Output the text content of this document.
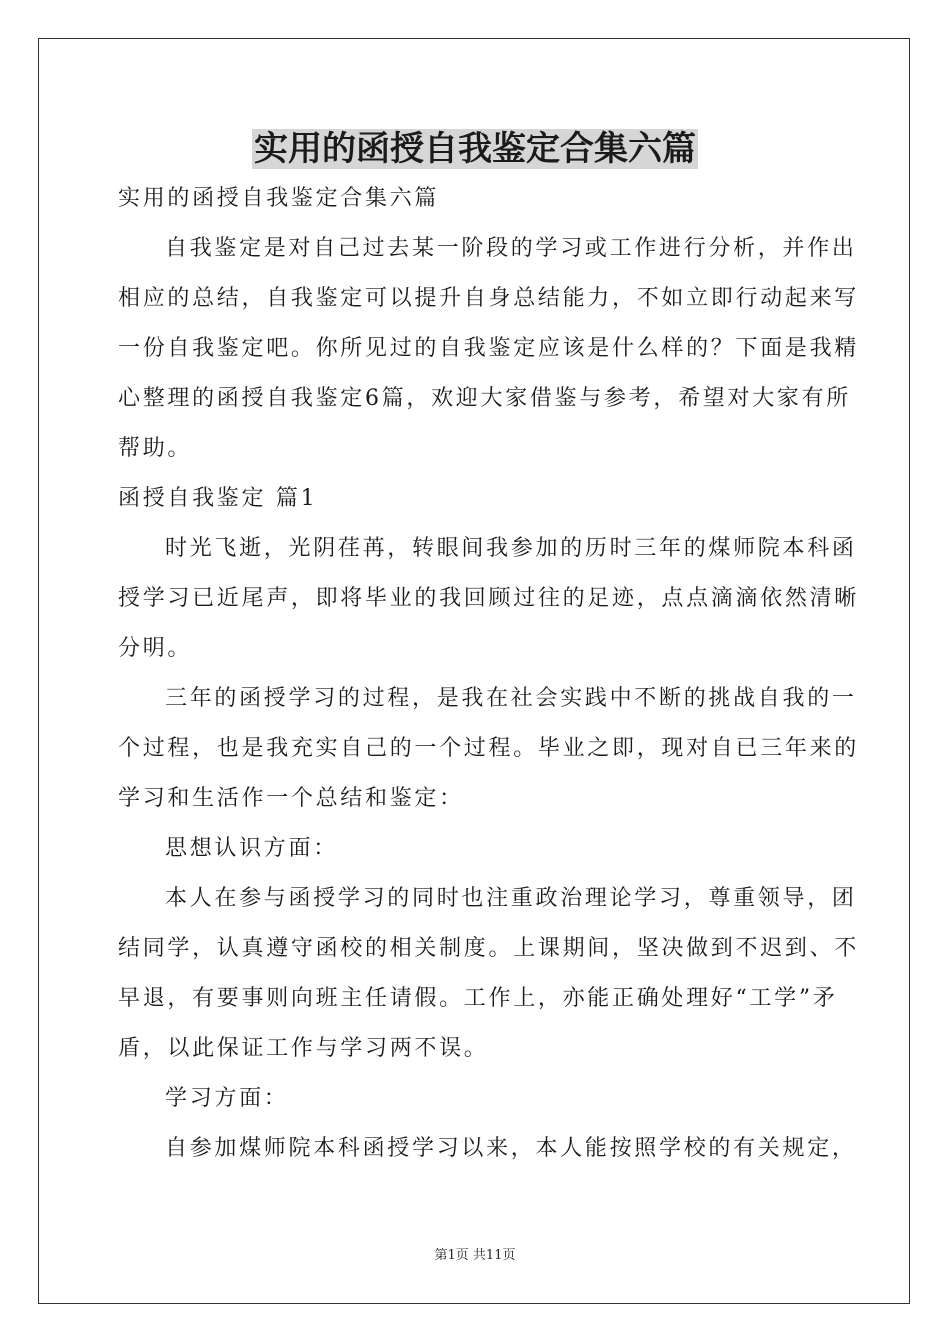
实用的函授自我鉴定合集六篇

实用的函授自我鉴定合集六篇

自我鉴定是对自己过去某一阶段的学习或工作进行分析，并作出

相应的总结，自我鉴定可以提升自身总结能力，不如立即行动起来写

一份自我鉴定吧。你所见过的自我鉴定应该是什么样的？下面是我精

心整理的函授自我鉴定6篇，欢迎大家借鉴与参考，希望对大家有所

帮助。

函授自我鉴定 篇1

时光飞逝，光阴荏苒，转眼间我参加的历时三年的煤师院本科函

授学习已近尾声，即将毕业的我回顾过往的足迹，点点滴滴依然清晰

分明。

三年的函授学习的过程，是我在社会实践中不断的挑战自我的一

个过程，也是我充实自己的一个过程。毕业之即，现对自已三年来的

学习和生活作一个总结和鉴定：

思想认识方面：

本人在参与函授学习的同时也注重政治理论学习，尊重领导，团

结同学，认真遵守函校的相关制度。上课期间，坚决做到不迟到、不

早退，有要事则向班主任请假。工作上，亦能正确处理好“工学”矛

盾，以此保证工作与学习两不误。

学习方面：

自参加煤师院本科函授学习以来，本人能按照学校的有关规定，

第1页 共11页
